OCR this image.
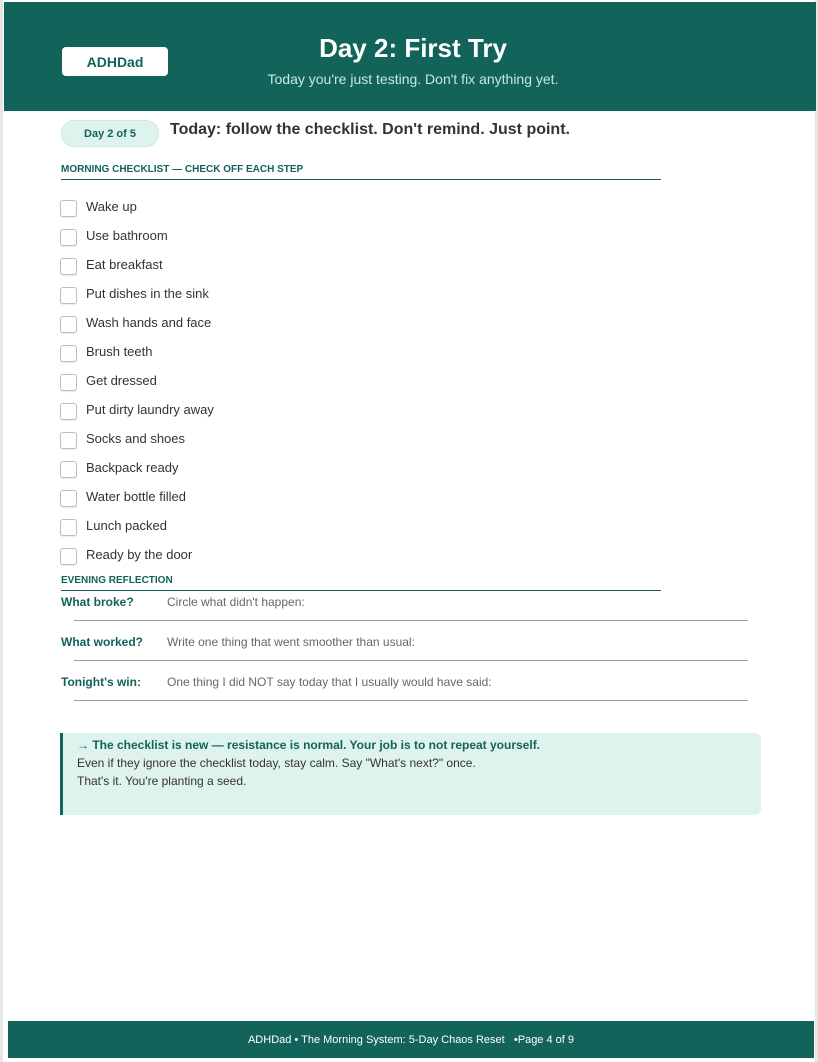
ADHDad	Day 2: First Try
Today you're just testing. Don't fix anything yet.
Day 2 of 5	Today: follow the checklist. Don't remind. Just point.
MORNING CHECKLIST — CHECK OFF EACH STEP
Wake up
Use bathroom
Eat breakfast
Put dishes in the sink
Wash hands and face
Brush teeth
Get dressed
Put dirty laundry away
Socks and shoes
Backpack ready
Water bottle filled
Lunch packed
Ready by the door
EVENING REFLECTION
What broke?	Circle what didn't happen:
What worked? Write one thing that went smoother than usual:
Tonight's win: One thing I did NOT say today that I usually would have said:
→ The checklist is new — resistance is normal. Your job is to not repeat yourself.
Even if they ignore the checklist today, stay calm. Say "What's next?" once.
That's it. You're planting a seed.
ADHDad • The Morning System: 5-Day Chaos Reset   •Page 4 of 9
